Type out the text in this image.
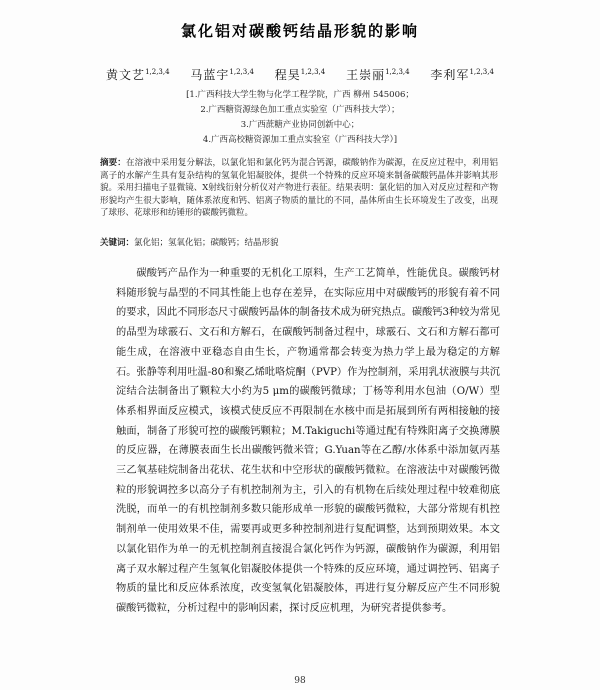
氯化铝对碳酸钙结晶形貌的影响
黄文艺$^{1,2,3,4}$ 马蓝宇$^{1,2,3,4}$ 程昊$^{1,2,3,4}$ 王崇丽$^{1,2,3,4}$ 李利军$^{1,2,3,4}$
[1.广西科技大学生物与化学工程学院，广西 柳州 545006；
2.广西糖资源绿色加工重点实验室（广西科技大学）；
3.广西蔗糖产业协同创新中心；
4.广西高校糖资源加工重点实验室（广西科技大学）]
摘要：在溶液中采用复分解法，以氯化铝和氯化钙为混合钙源，碳酸钠作为碳源，在反应过程中，利用铝离子的水解产生具有复杂结构的氢氧化铝凝胶体，提供一个特殊的反应环境来制备碳酸钙晶体并影响其形貌。采用扫描电子显微镜、X射线衍射分析仪对产物进行表征。结果表明：氯化铝的加入对反应过程和产物形貌均产生很大影响，随体系浓度和钙、铝离子物质的量比的不同，晶体所由生长环境发生了改变，出现了球形、花球形和纺锤形的碳酸钙微粒。
关键词：氯化铝；氢氧化铝；碳酸钙；结晶形貌
碳酸钙产品作为一种重要的无机化工原料，生产工艺简单，性能优良。碳酸钙材料随形貌与晶型的不同其性能上也存在差异，在实际应用中对碳酸钙的形貌有着不同的要求，因此不同形态尺寸碳酸钙晶体的制备技术成为研究热点。碳酸钙3种较为常见的晶型为球霰石、文石和方解石，在碳酸钙制备过程中，球霰石、文石和方解石都可能生成，在溶液中亚稳态自由生长，产物通常都会转变为热力学上最为稳定的方解石。张静等利用吐温-80和聚乙烯吡咯烷酮（PVP）作为控制剂，采用乳状液膜与共沉淀结合法制备出了颗粒大小约为5 μm的碳酸钙微球；丁杨等利用水包油（O/W）型体系相界面反应模式，该模式使反应不再限制在水核中而是拓展到所有两相接触的接触面，制备了形貌可控的碳酸钙颗粒；M.Takiguchi等通过配有特殊阳离子交换薄膜的反应器，在薄膜表面生长出碳酸钙微米管；G.Yuan等在乙醇/水体系中添加氨丙基三乙氧基硅烷制备出花状、花生状和中空形状的碳酸钙微粒。在溶液法中对碳酸钙微粒的形貌调控多以高分子有机控制剂为主，引入的有机物在后续处理过程中较难彻底洗脱，而单一的有机控制剂多数只能形成单一形貌的碳酸钙微粒，大部分常规有机控制剂单一使用效果不佳，需要再或更多种控制剂进行复配调整，达到预期效果。本文以氯化铝作为单一的无机控制剂直接混合氯化钙作为钙源，碳酸钠作为碳源，利用铝离子双水解过程产生氢氧化铝凝胶体提供一个特殊的反应环境，通过调控钙、铝离子物质的量比和反应体系浓度，改变氢氧化铝凝胶体，再进行复分解反应产生不同形貌碳酸钙微粒，分析过程中的影响因素，探讨反应机理，为研究者提供参考。
98
